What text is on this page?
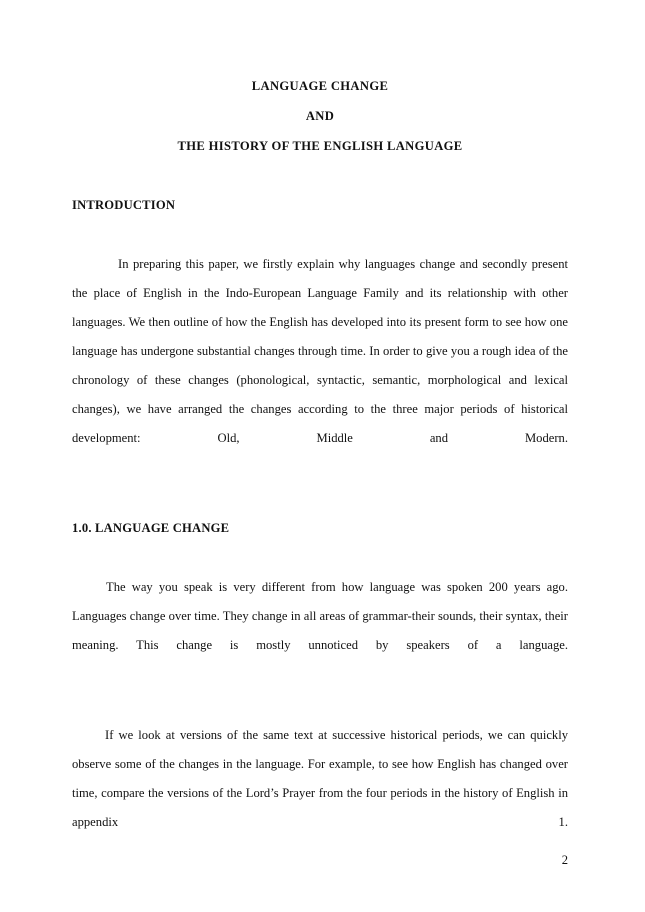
LANGUAGE CHANGE
AND
THE HISTORY OF THE ENGLISH LANGUAGE
INTRODUCTION

In preparing this paper, we firstly explain why languages change and secondly present the place of English in the Indo-European Language Family and its relationship with other languages. We then outline of how the English has developed into its present form to see how one language has undergone substantial changes through time. In order to give you a rough idea of the chronology of these changes (phonological, syntactic, semantic, morphological and lexical changes), we have arranged the changes according to the three major periods of historical development: Old, Middle and Modern.

1.0. LANGUAGE CHANGE

The way you speak is very different from how language was spoken 200 years ago. Languages change over time. They change in all areas of grammar-their sounds, their syntax, their meaning. This change is mostly unnoticed by speakers of a language.

If we look at versions of the same text at successive historical periods, we can quickly observe some of the changes in the language. For example, to see how English has changed over time, compare the versions of the Lord’s Prayer from the four periods in the history of English in appendix 1.

2
